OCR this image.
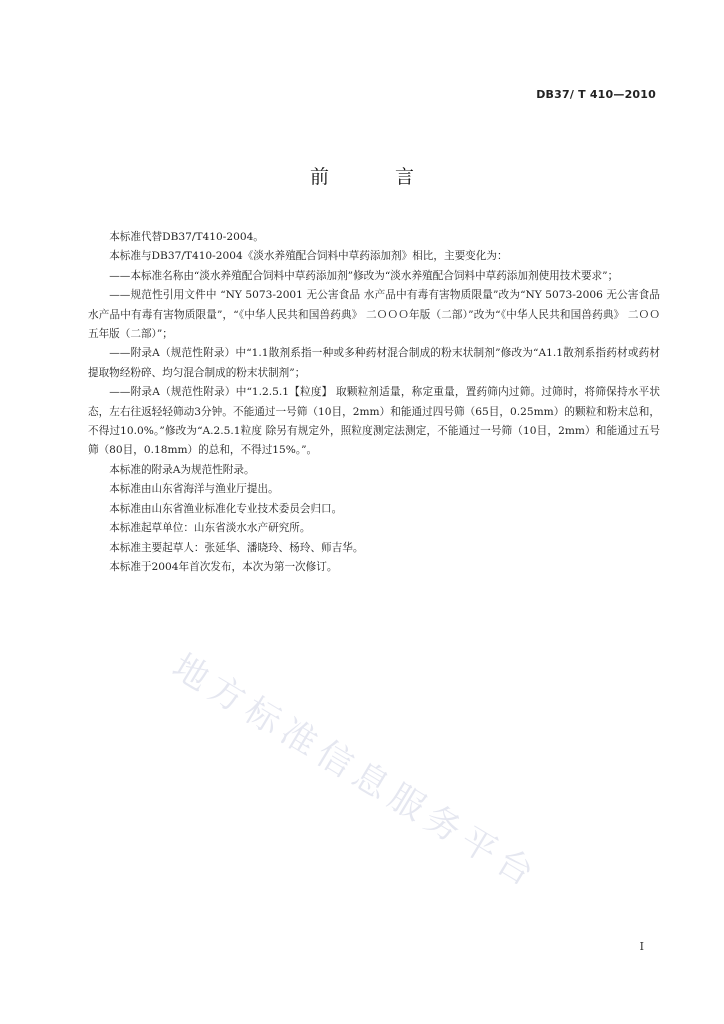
DB37/ T 410—2010
前 言

本标准代替DB37/T410-2004。

本标准与DB37/T410-2004《淡水养殖配合饲料中草药添加剂》相比，主要变化为：

——本标准名称由“淡水养殖配合饲料中草药添加剂”修改为“淡水养殖配合饲料中草药添加剂使用技术要求”；

——规范性引用文件中 “NY 5073-2001 无公害食品 水产品中有毒有害物质限量”改为“NY 5073-2006 无公害食品 水产品中有毒有害物质限量”，“《中华人民共和国兽药典》 二ＯＯＯ年版（二部）”改为“《中华人民共和国兽药典》 二ＯＯ五年版（二部）”；

——附录A（规范性附录）中“1.1散剂系指一种或多种药材混合制成的粉末状制剂”修改为“A1.1散剂系指药材或药材提取物经粉碎、均匀混合制成的粉末状制剂”；

——附录A（规范性附录）中“1.2.5.1【粒度】 取颗粒剂适量，称定重量，置药筛内过筛。过筛时，将筛保持水平状态，左右往返轻轻筛动3分钟。不能通过一号筛（10目，2mm）和能通过四号筛（65目，0.25mm）的颗粒和粉末总和，不得过10.0%。”修改为“A.2.5.1粒度 除另有规定外，照粒度测定法测定，不能通过一号筛（10目，2mm）和能通过五号筛（80目，0.18mm）的总和，不得过15%。”。

本标准的附录A为规范性附录。

本标准由山东省海洋与渔业厅提出。

本标准由山东省渔业标准化专业技术委员会归口。

本标准起草单位：山东省淡水水产研究所。

本标准主要起草人：张延华、潘晓玲、杨玲、师吉华。

本标准于2004年首次发布，本次为第一次修订。

地方标准信息服务平台
I
